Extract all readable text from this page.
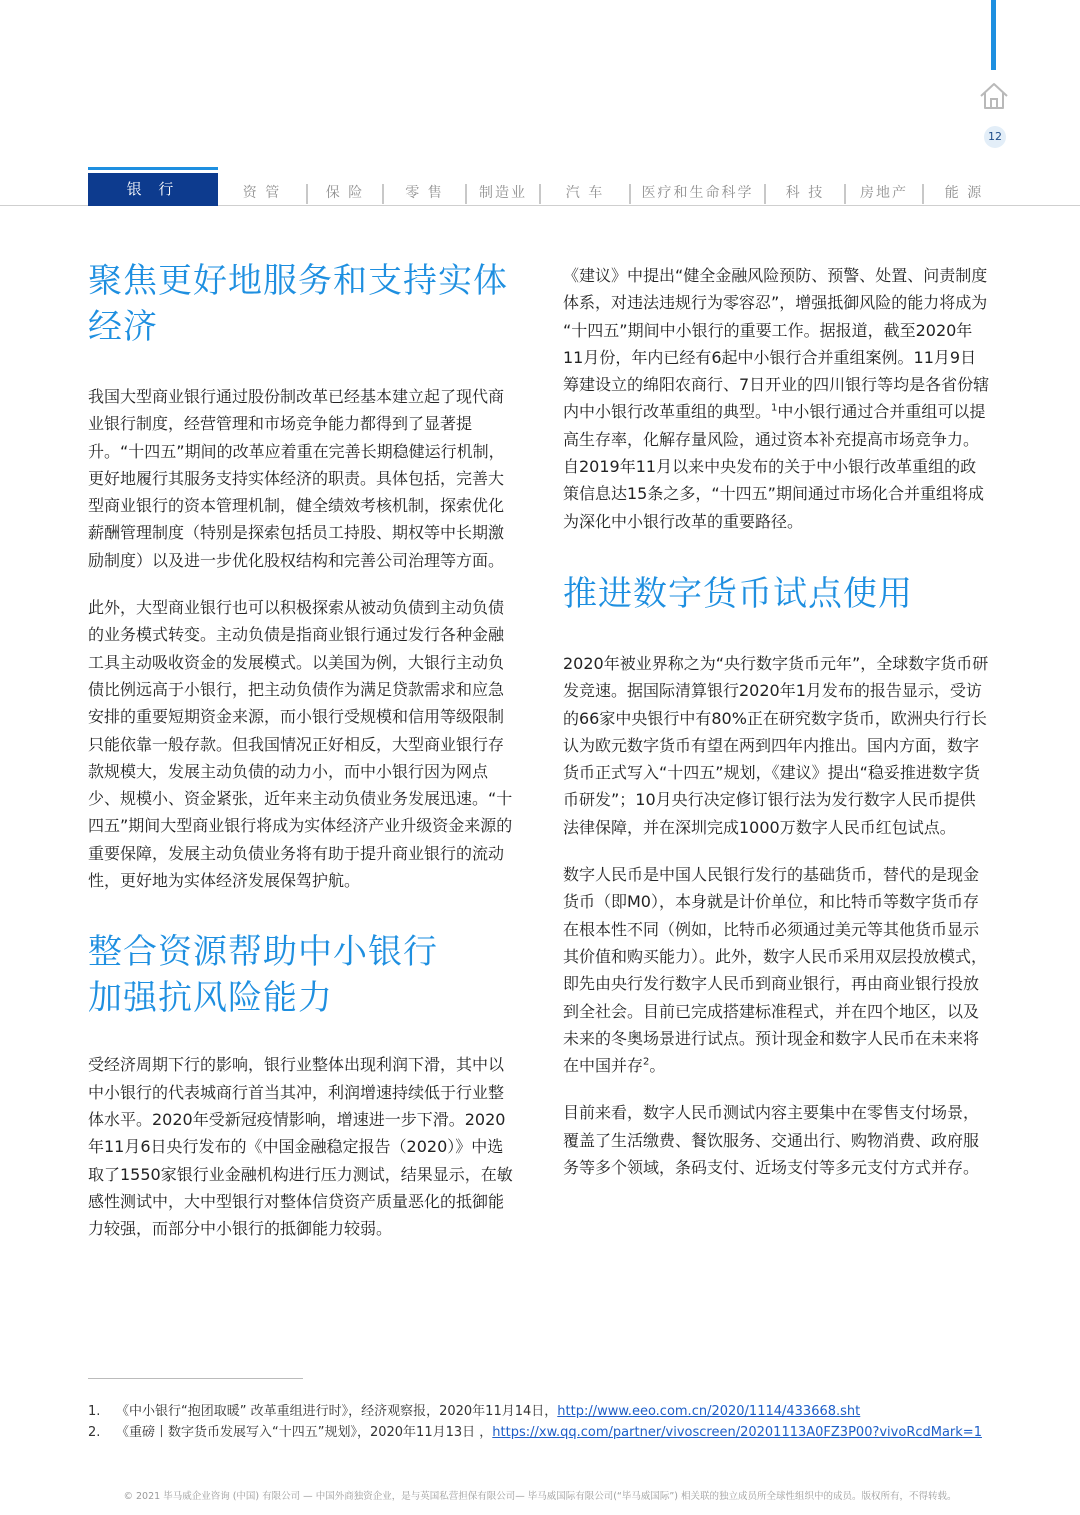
12
银 行	资 管	保 险	零 售	制造业	汽 车	医疗和生命科学	科 技	房地产	能 源
聚焦更好地服务和支持实体
经济

我国大型商业银行通过股份制改革已经基本建立起了现代商业银行制度，经营管理和市场竞争能力都得到了显著提升。“十四五”期间的改革应着重在完善长期稳健运行机制，更好地履行其服务支持实体经济的职责。具体包括，完善大型商业银行的资本管理机制，健全绩效考核机制，探索优化薪酬管理制度（特别是探索包括员工持股、期权等中长期激励制度）以及进一步优化股权结构和完善公司治理等方面。

此外，大型商业银行也可以积极探索从被动负债到主动负债的业务模式转变。主动负债是指商业银行通过发行各种金融工具主动吸收资金的发展模式。以美国为例，大银行主动负债比例远高于小银行，把主动负债作为满足贷款需求和应急安排的重要短期资金来源，而小银行受规模和信用等级限制只能依靠一般存款。但我国情况正好相反，大型商业银行存款规模大，发展主动负债的动力小，而中小银行因为网点少、规模小、资金紧张，近年来主动负债业务发展迅速。“十四五”期间大型商业银行将成为实体经济产业升级资金来源的重要保障，发展主动负债业务将有助于提升商业银行的流动性，更好地为实体经济发展保驾护航。

整合资源帮助中小银行
加强抗风险能力

受经济周期下行的影响，银行业整体出现利润下滑，其中以中小银行的代表城商行首当其冲，利润增速持续低于行业整体水平。2020年受新冠疫情影响，增速进一步下滑。2020年11月6日央行发布的《中国金融稳定报告（2020）》中选取了1550家银行业金融机构进行压力测试，结果显示，在敏感性测试中，大中型银行对整体信贷资产质量恶化的抵御能力较强，而部分中小银行的抵御能力较弱。

《建议》中提出“健全金融风险预防、预警、处置、问责制度体系，对违法违规行为零容忍”，增强抵御风险的能力将成为 “十四五”期间中小银行的重要工作。据报道，截至2020年11月份，年内已经有6起中小银行合并重组案例。11月9日筹建设立的绵阳农商行、7日开业的四川银行等均是各省份辖内中小银行改革重组的典型。$^1$中小银行通过合并重组可以提高生存率，化解存量风险，通过资本补充提高市场竞争力。自2019年11月以来中央发布的关于中小银行改革重组的政策信息达15条之多，“十四五”期间通过市场化合并重组将成为深化中小银行改革的重要路径。

推进数字货币试点使用

2020年被业界称之为“央行数字货币元年”，全球数字货币研发竞速。据国际清算银行2020年1月发布的报告显示，受访的66家中央银行中有80%正在研究数字货币，欧洲央行行长认为欧元数字货币有望在两到四年内推出。国内方面，数字货币正式写入“十四五”规划，《建议》提出“稳妥推进数字货币研发”；10月央行决定修订银行法为发行数字人民币提供法律保障，并在深圳完成1000万数字人民币红包试点。

数字人民币是中国人民银行发行的基础货币，替代的是现金货币（即M0），本身就是计价单位，和比特币等数字货币存在根本性不同（例如，比特币必须通过美元等其他货币显示其价值和购买能力）。此外，数字人民币采用双层投放模式，即先由央行发行数字人民币到商业银行，再由商业银行投放到全社会。目前已完成搭建标准程式，并在四个地区，以及未来的冬奥场景进行试点。预计现金和数字人民币在未来将在中国并存$^2$。

目前来看，数字人民币测试内容主要集中在零售支付场景，覆盖了生活缴费、餐饮服务、交通出行、购物消费、政府服务等多个领域，条码支付、近场支付等多元支付方式并存。

1.	《中小银行“抱团取暖” 改革重组进行时》，经济观察报，2020年11月14日， http://www.eeo.com.cn/2020/1114/433668.sht
2.	《重磅丨数字货币发展写入“十四五”规划》，2020年11月13日 ， https://xw.qq.com/partner/vivoscreen/20201113A0FZ3P00?vivoRcdMark=1
© 2021 毕马威企业咨询 (中国) 有限公司 — 中国外商独资企业，是与英国私营担保有限公司— 毕马威国际有限公司(“毕马威国际”) 相关联的独立成员所全球性组织中的成员。版权所有，不得转载。
